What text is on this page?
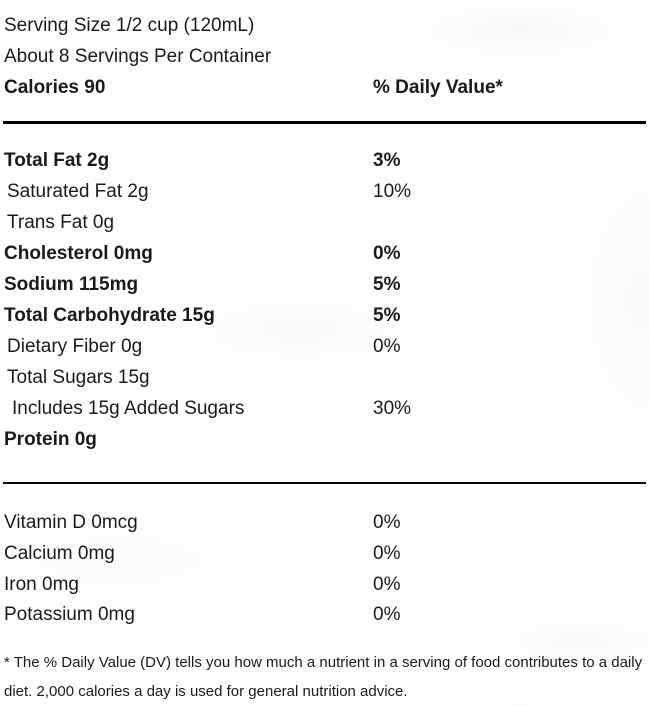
Serving Size 1/2 cup (120mL)
About 8 Servings Per Container
Calories 90	% Daily Value*
Total Fat 2g	3%
Saturated Fat 2g	10%
Trans Fat 0g
Cholesterol 0mg	0%
Sodium 115mg	5%
Total Carbohydrate 15g	5%
Dietary Fiber 0g	0%
Total Sugars 15g
Includes 15g Added Sugars	30%
Protein 0g
Vitamin D 0mcg	0%
Calcium 0mg	0%
Iron 0mg	0%
Potassium 0mg	0%
* The % Daily Value (DV) tells you how much a nutrient in a serving of food contributes to a daily diet. 2,000 calories a day is used for general nutrition advice.
